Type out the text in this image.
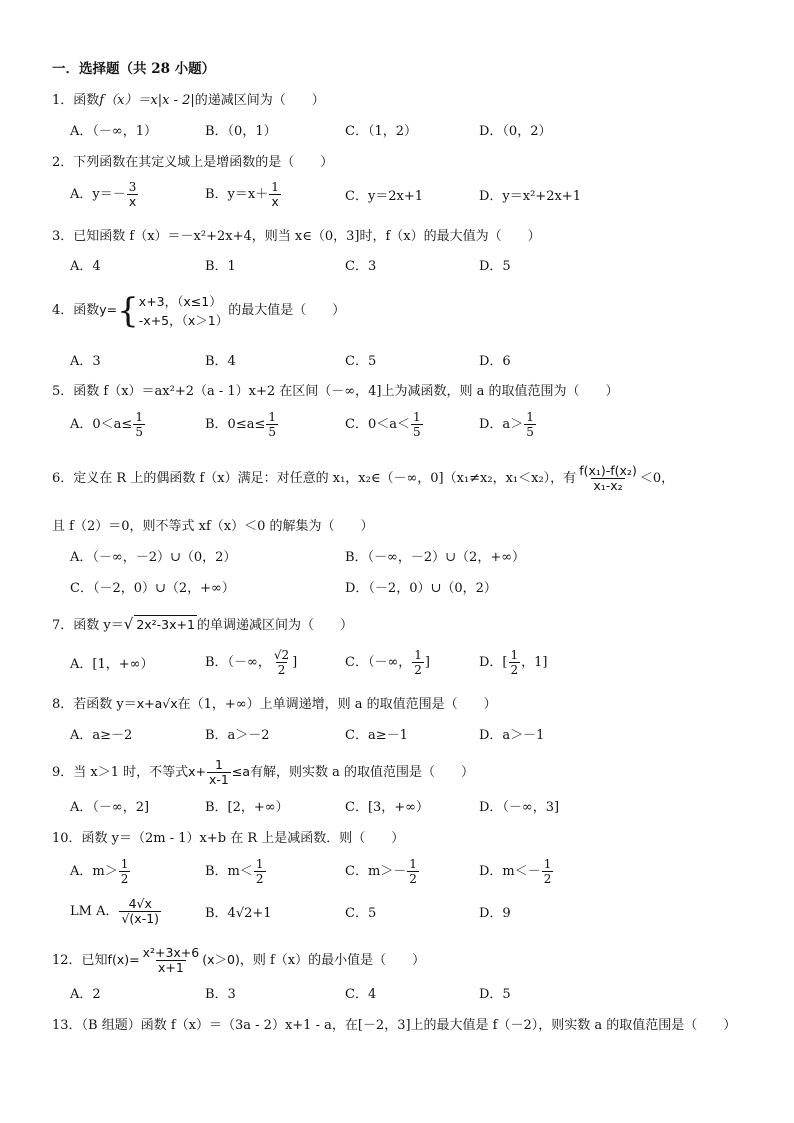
一．选择题（共 28 小题）
1．函数f（x）＝x|x - 2|的递减区间为（　　）
A．（－∞，1）	B．（0，1）	C．（1，2）	D．（0，2）
2．下列函数在其定义域上是增函数的是（　　）
A．$y=- \frac{3}{x}$	B．$y=x+ \frac{1}{x}$	C．y＝2x+1	D．y＝x²+2x+1
3．已知函数 f（x）＝－x²+2x+4，则当 x∈（0，3]时，f（x）的最大值为（　　）
A．4	B．1	C．3	D．5
4．函数y={ x+3，（x≤1）
-x+5，（x＞1）
的最大值是（　　）
A．3	B．4	C．5	D．6
5．函数 f（x）＝ax²+2（a - 1）x+2 在区间（－∞，4]上为减函数，则 a 的取值范围为（　　）
A．$0<a\le \frac{1}{5}$	B．$0\le a\le \frac{1}{5}$	C．$0<a< \frac{1}{5}$	D．$a> \frac{1}{5}$
6．定义在 R 上的偶函数 f（x）满足：对任意的 x₁，x₂∈（－∞，0]（x₁≠x₂，x₁＜x₂），有 $\frac{\text{f(x₁)-f(x₂)}}{\text{x₁-x₂}} <0$，
且 f（2）＝0，则不等式 xf（x）＜0 的解集为（　　）
A．（－∞，－2）∪（0，2）	B．（－∞，－2）∪（2，+∞）
C．（－2，0）∪（2，+∞）	D．（－2，0）∪（0，2）
7．函数 y＝√ 2x²-3x+1 的单调递减区间为（　　）
A．[1，+∞）	B．（－∞， $\frac{√2}{2}$ ]	C．（－∞， $\frac{1}{2}$ ]	D．[ $\frac{1}{2}$ ，1]
8．若函数 y＝x+a√x在（1，+∞）上单调递增，则 a 的取值范围是（　　）
A．a≥－2	B．a＞－2	C．a≥－1	D．a＞－1
9．当 x＞1 时，不等式$x+ \frac{1}{x-1} \le a$有解，则实数 a 的取值范围是（　　）
A．（－∞，2]	B．[2，+∞）	C．[3，+∞）	D．（－∞，3]
10．函数 y＝（2m - 1）x+b 在 R 上是减函数．则（　　）
A．$m> \frac{1}{2}$	B．$m< \frac{1}{2}$	C．$m>- \frac{1}{2}$	D．$m<- \frac{1}{2}$
LM A． $\frac{4√x}{√(x-1)}$	B．4√2+1	C．5	D．9
12．已知$f(x)= \frac{\text{x²+3x+6}}{x+1} (x>0)$，则 f（x）的最小值是（　　）
A．2	B．3	C．4	D．5
13．（B 组题）函数 f（x）＝（3a - 2）x+1 - a，在[－2，3]上的最大值是 f（－2），则实数 a 的取值范围是（　　）
